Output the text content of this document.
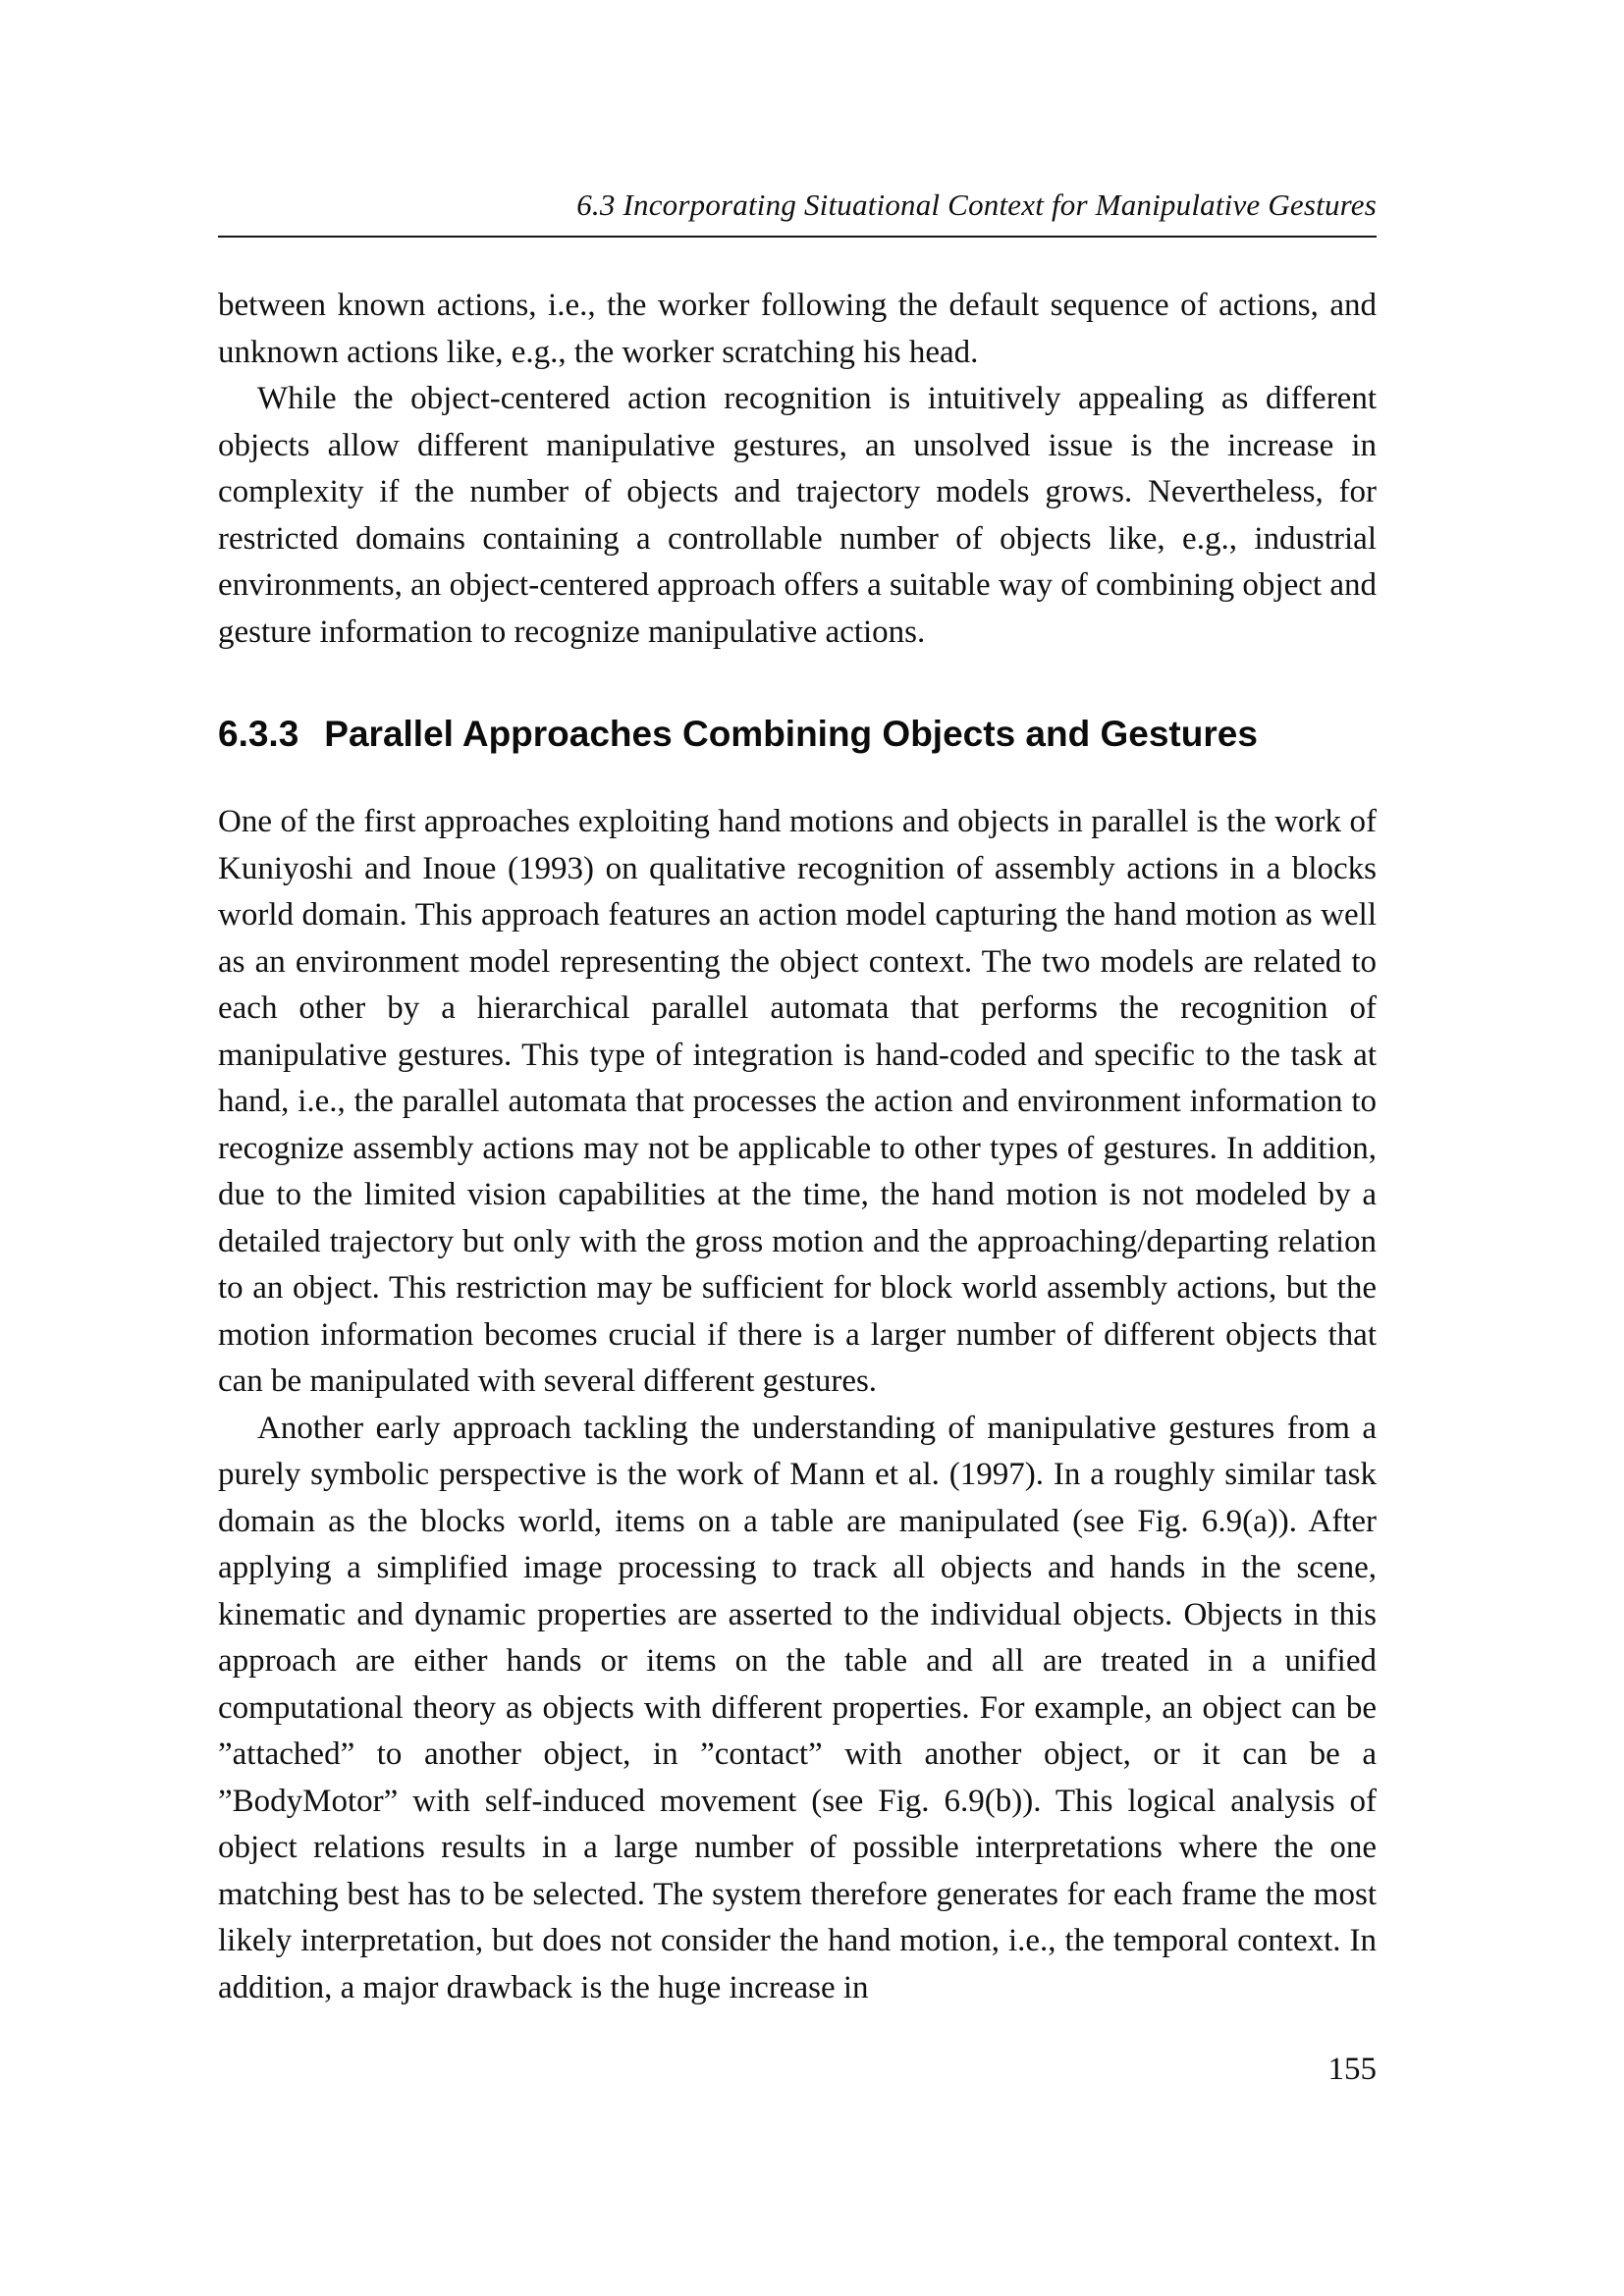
6.3 Incorporating Situational Context for Manipulative Gestures

between known actions, i.e., the worker following the default sequence of actions, and unknown actions like, e.g., the worker scratching his head.

While the object-centered action recognition is intuitively appealing as different objects allow different manipulative gestures, an unsolved issue is the increase in complexity if the number of objects and trajectory models grows. Nevertheless, for restricted domains containing a controllable number of objects like, e.g., industrial environments, an object-centered approach offers a suitable way of combining object and gesture information to recognize manipulative actions.

6.3.3 Parallel Approaches Combining Objects and Gestures

One of the first approaches exploiting hand motions and objects in parallel is the work of Kuniyoshi and Inoue (1993) on qualitative recognition of assembly actions in a blocks world domain. This approach features an action model capturing the hand motion as well as an environment model representing the object context. The two models are related to each other by a hierarchical parallel automata that performs the recognition of manipulative gestures. This type of integration is hand-coded and specific to the task at hand, i.e., the parallel automata that processes the action and environment information to recognize assembly actions may not be applicable to other types of gestures. In addition, due to the limited vision capabilities at the time, the hand motion is not modeled by a detailed trajectory but only with the gross motion and the approaching/departing relation to an object. This restriction may be sufficient for block world assembly actions, but the motion information becomes crucial if there is a larger number of different objects that can be manipulated with several different gestures.

Another early approach tackling the understanding of manipulative gestures from a purely symbolic perspective is the work of Mann et al. (1997). In a roughly similar task domain as the blocks world, items on a table are manipulated (see Fig. 6.9(a)). After applying a simplified image processing to track all objects and hands in the scene, kinematic and dynamic properties are asserted to the individual objects. Objects in this approach are either hands or items on the table and all are treated in a unified computational theory as objects with different properties. For example, an object can be ”attached” to another object, in ”contact” with another object, or it can be a ”BodyMotor” with self-induced movement (see Fig. 6.9(b)). This logical analysis of object relations results in a large number of possible interpretations where the one matching best has to be selected. The system therefore generates for each frame the most likely interpretation, but does not consider the hand motion, i.e., the temporal context. In addition, a major drawback is the huge increase in

155
